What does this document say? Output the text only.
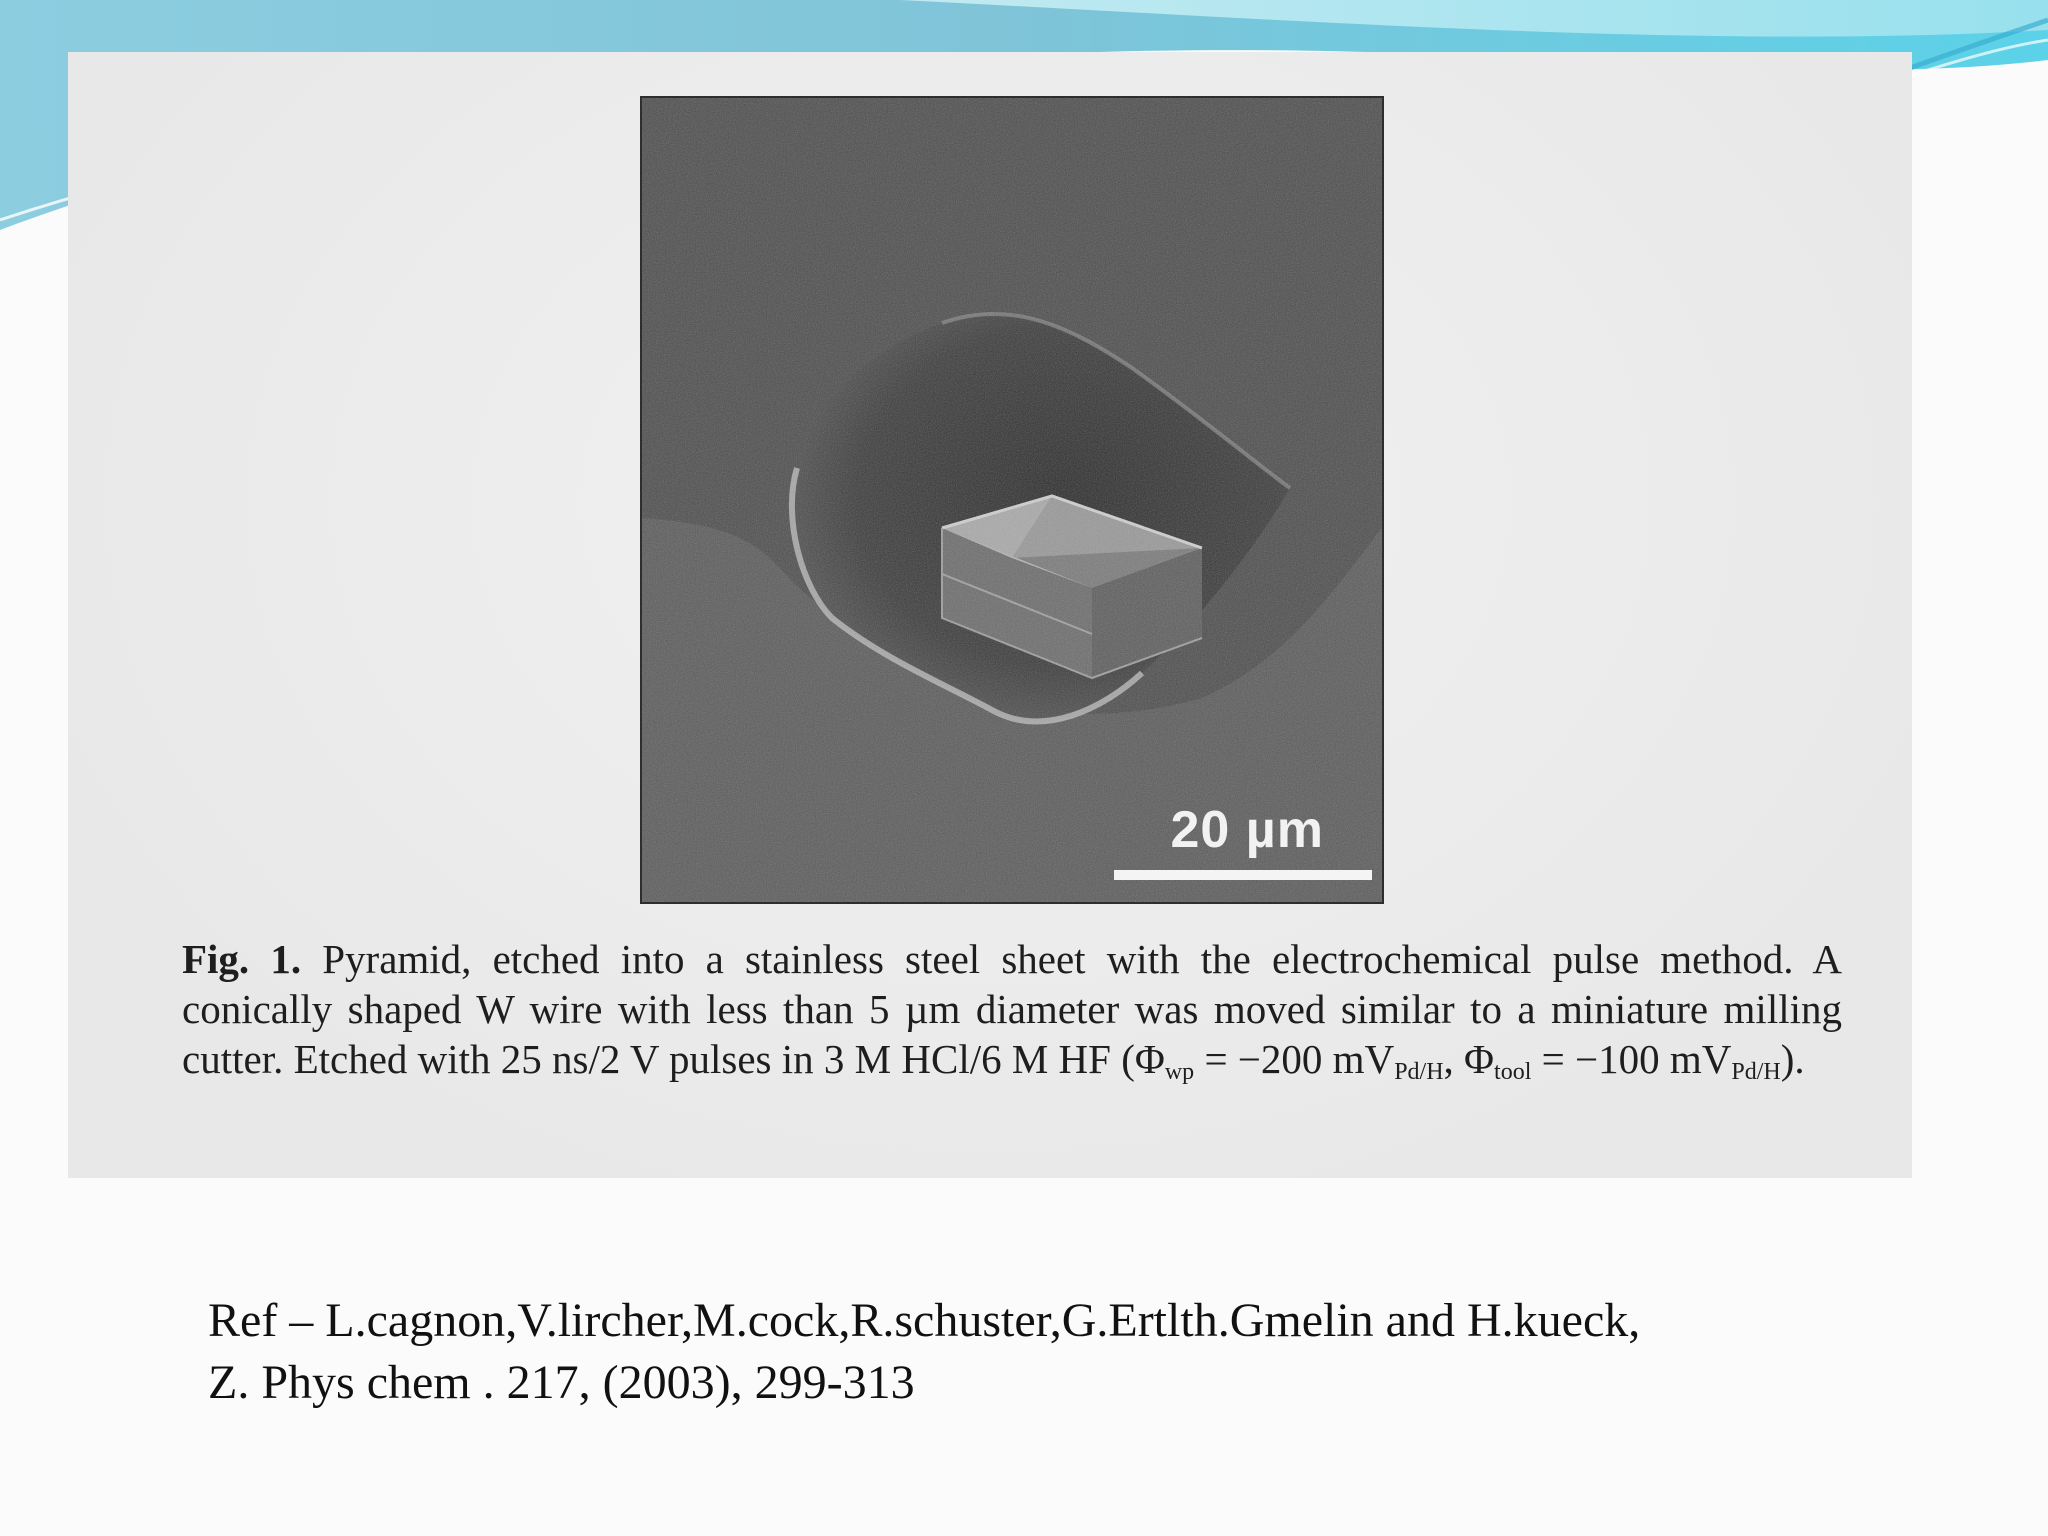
20 µm
Fig. 1. Pyramid, etched into a stainless steel sheet with the electrochemical pulse method. A conically shaped W wire with less than 5 µm diameter was moved similar to a miniature milling cutter. Etched with 25 ns/2 V pulses in 3 M HCl/6 M HF ($\Phi_{wp} = -200$ $mV_{Pd/H}$, $\Phi_{tool} = -100$ $mV_{Pd/H}$).
Ref – L.cagnon,V.lircher,M.cock,R.schuster,G.Ertlth.Gmelin and H.kueck,
Z. Phys chem . 217, (2003), 299-313
